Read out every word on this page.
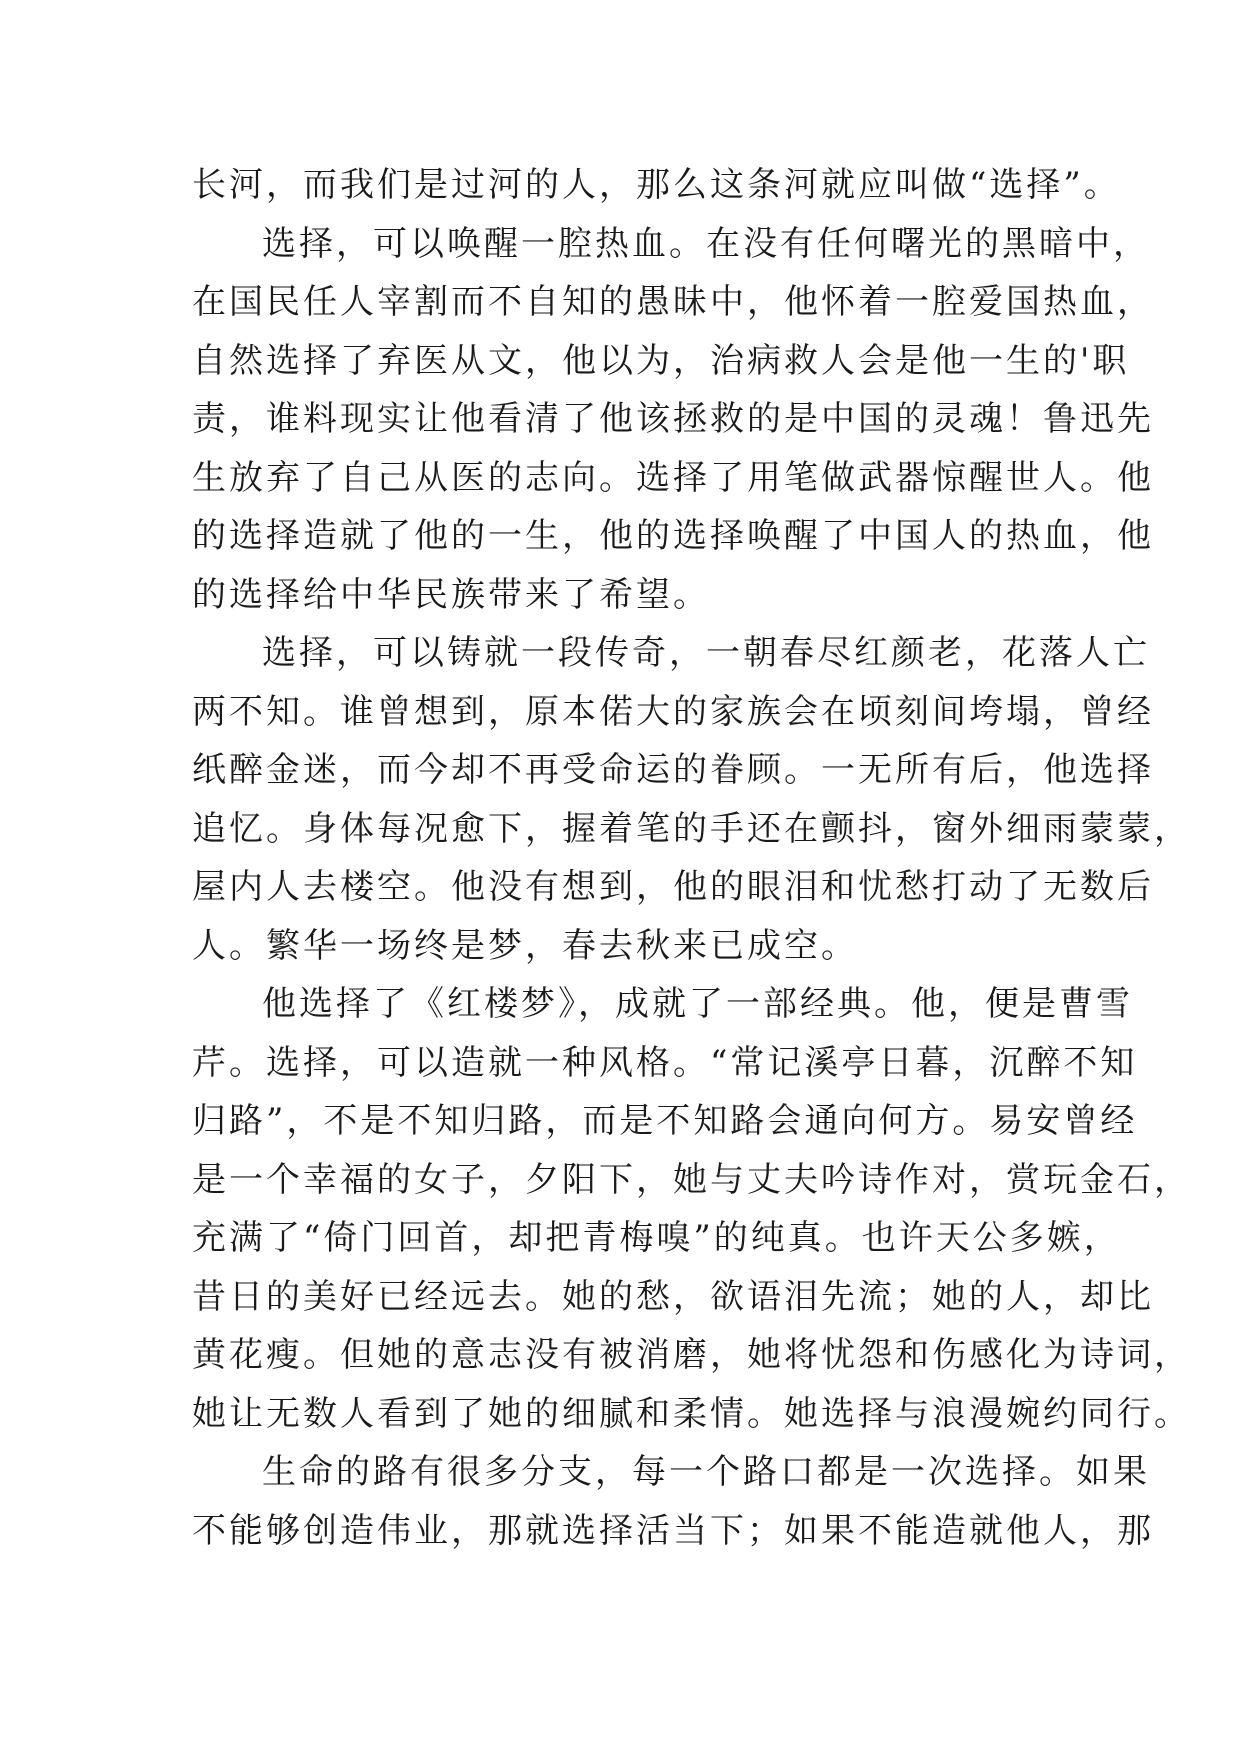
长河，而我们是过河的人，那么这条河就应叫做“选择”。
选择，可以唤醒一腔热血。在没有任何曙光的黑暗中，
在国民任人宰割而不自知的愚昧中，他怀着一腔爱国热血，
自然选择了弃医从文，他以为，治病救人会是他一生的'职
责，谁料现实让他看清了他该拯救的是中国的灵魂！鲁迅先
生放弃了自己从医的志向。选择了用笔做武器惊醒世人。他
的选择造就了他的一生，他的选择唤醒了中国人的热血，他
的选择给中华民族带来了希望。
选择，可以铸就一段传奇，一朝春尽红颜老，花落人亡
两不知。谁曾想到，原本偌大的家族会在顷刻间垮塌，曾经
纸醉金迷，而今却不再受命运的眷顾。一无所有后，他选择
追忆。身体每况愈下，握着笔的手还在颤抖，窗外细雨蒙蒙，
屋内人去楼空。他没有想到，他的眼泪和忧愁打动了无数后
人。繁华一场终是梦，春去秋来已成空。
他选择了《红楼梦》，成就了一部经典。他，便是曹雪
芹。选择，可以造就一种风格。“常记溪亭日暮，沉醉不知
归路”，不是不知归路，而是不知路会通向何方。易安曾经
是一个幸福的女子，夕阳下，她与丈夫吟诗作对，赏玩金石，
充满了“倚门回首，却把青梅嗅”的纯真。也许天公多嫉，
昔日的美好已经远去。她的愁，欲语泪先流；她的人，却比
黄花瘦。但她的意志没有被消磨，她将忧怨和伤感化为诗词，
她让无数人看到了她的细腻和柔情。她选择与浪漫婉约同行。
生命的路有很多分支，每一个路口都是一次选择。如果
不能够创造伟业，那就选择活当下；如果不能造就他人，那
